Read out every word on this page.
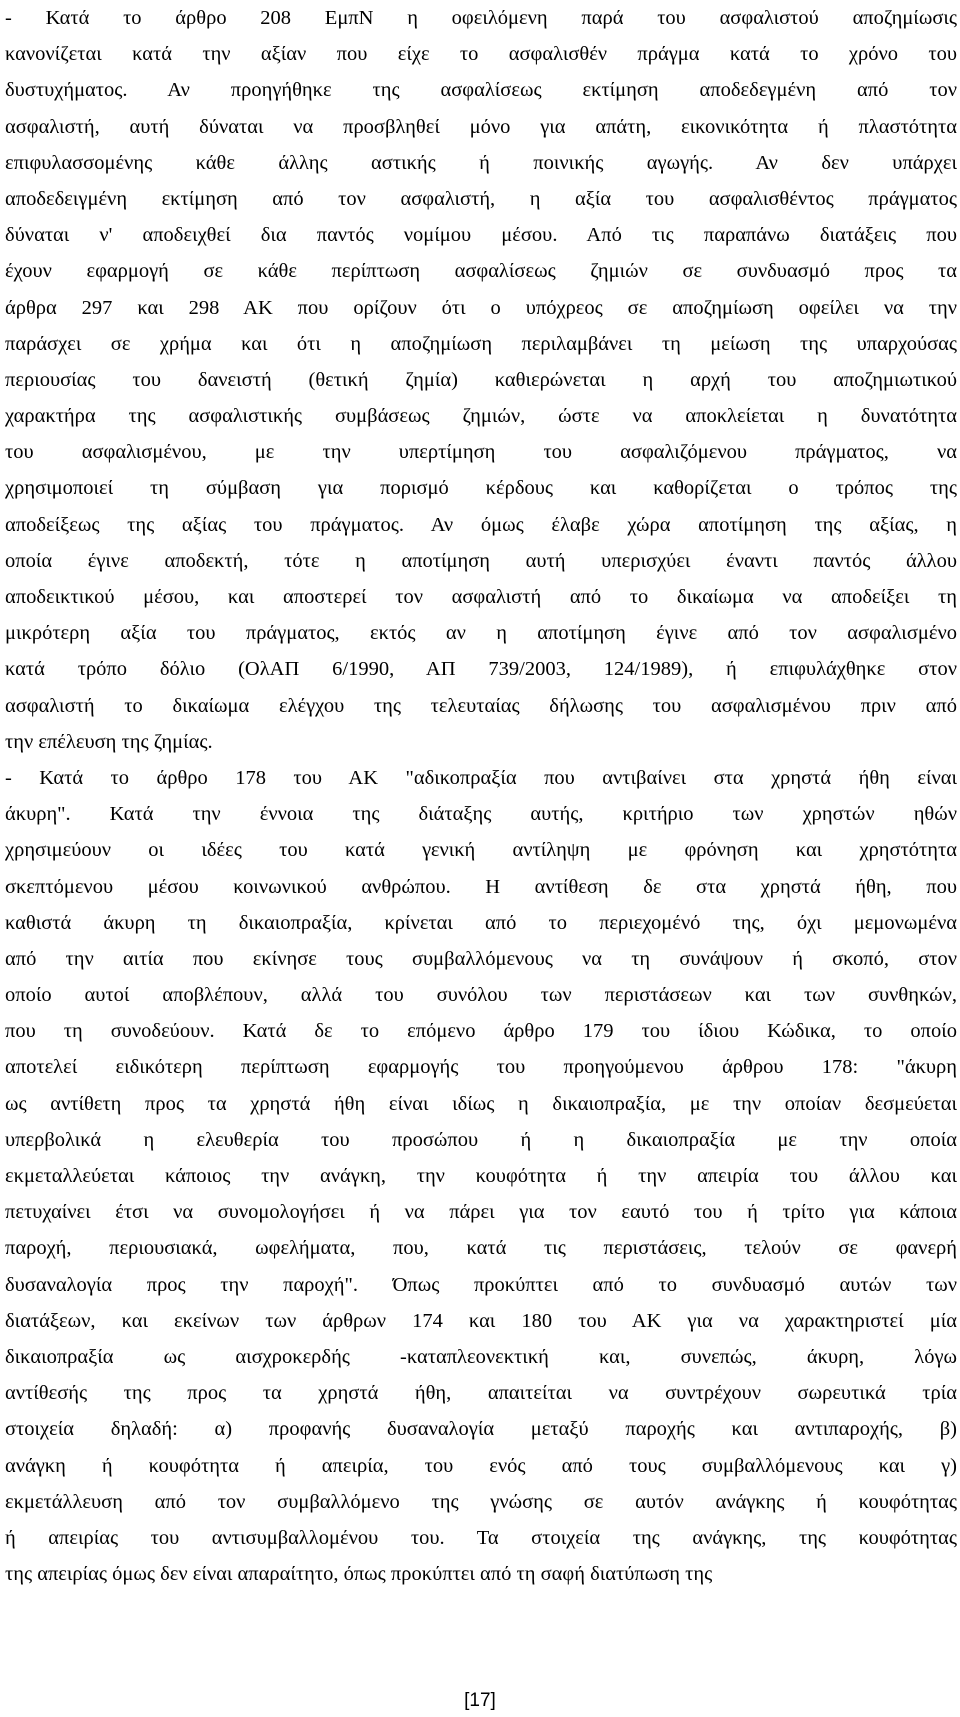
- Κατά το άρθρο 208 ΕμπΝ η οφειλόμενη παρά του ασφαλιστού αποζημίωσις
κανονίζεται κατά την αξίαν που είχε το ασφαλισθέν πράγμα κατά το χρόνο του
δυστυχήματος. Αν προηγήθηκε της ασφαλίσεως εκτίμηση αποδεδεγμένη από τον
ασφαλιστή, αυτή δύναται να προσβληθεί μόνο για απάτη, εικονικότητα ή πλαστότητα
επιφυλασσομένης κάθε άλλης αστικής ή ποινικής αγωγής. Αν δεν υπάρχει
αποδεδειγμένη εκτίμηση από τον ασφαλιστή, η αξία του ασφαλισθέντος πράγματος
δύναται ν' αποδειχθεί δια παντός νομίμου μέσου. Από τις παραπάνω διατάξεις που
έχουν εφαρμογή σε κάθε περίπτωση ασφαλίσεως ζημιών σε συνδυασμό προς τα
άρθρα 297 και 298 ΑΚ που ορίζουν ότι ο υπόχρεος σε αποζημίωση οφείλει να την
παράσχει σε χρήμα και ότι η αποζημίωση περιλαμβάνει τη μείωση της υπαρχούσας
περιουσίας του δανειστή (θετική ζημία) καθιερώνεται η αρχή του αποζημιωτικού
χαρακτήρα της ασφαλιστικής συμβάσεως ζημιών, ώστε να αποκλείεται η δυνατότητα
του ασφαλισμένου, με την υπερτίμηση του ασφαλιζόμενου πράγματος, να
χρησιμοποιεί τη σύμβαση για πορισμό κέρδους και καθορίζεται ο τρόπος της
αποδείξεως της αξίας του πράγματος. Αν όμως έλαβε χώρα αποτίμηση της αξίας, η
οποία έγινε αποδεκτή, τότε η αποτίμηση αυτή υπερισχύει έναντι παντός άλλου
αποδεικτικού μέσου, και αποστερεί τον ασφαλιστή από το δικαίωμα να αποδείξει τη
μικρότερη αξία του πράγματος, εκτός αν η αποτίμηση έγινε από τον ασφαλισμένο
κατά τρόπο δόλιο (ΟλΑΠ 6/1990, ΑΠ 739/2003, 124/1989), ή επιφυλάχθηκε στον
ασφαλιστή το δικαίωμα ελέγχου της τελευταίας δήλωσης του ασφαλισμένου πριν από
την επέλευση της ζημίας.
- Κατά το άρθρο 178 του ΑΚ "αδικοπραξία που αντιβαίνει στα χρηστά ήθη είναι
άκυρη". Κατά την έννοια της διάταξης αυτής, κριτήριο των χρηστών ηθών
χρησιμεύουν οι ιδέες του κατά γενική αντίληψη με φρόνηση και χρηστότητα
σκεπτόμενου μέσου κοινωνικού ανθρώπου. Η αντίθεση δε στα χρηστά ήθη, που
καθιστά άκυρη τη δικαιοπραξία, κρίνεται από το περιεχομένό της, όχι μεμονωμένα
από την αιτία που εκίνησε τους συμβαλλόμενους να τη συνάψουν ή σκοπό, στον
οποίο αυτοί αποβλέπουν, αλλά του συνόλου των περιστάσεων και των συνθηκών,
που τη συνοδεύουν. Κατά δε το επόμενο άρθρο 179 του ίδιου Κώδικα, το οποίο
αποτελεί ειδικότερη περίπτωση εφαρμογής του προηγούμενου άρθρου 178: "άκυρη
ως αντίθετη προς τα χρηστά ήθη είναι ιδίως η δικαιοπραξία, με την οποίαν δεσμεύεται
υπερβολικά η ελευθερία του προσώπου ή η δικαιοπραξία με την οποία
εκμεταλλεύεται κάποιος την ανάγκη, την κουφότητα ή την απειρία του άλλου και
πετυχαίνει έτσι να συνομολογήσει ή να πάρει για τον εαυτό του ή τρίτο για κάποια
παροχή, περιουσιακά, ωφελήματα, που, κατά τις περιστάσεις, τελούν σε φανερή
δυσαναλογία προς την παροχή". Όπως προκύπτει από το συνδυασμό αυτών των
διατάξεων, και εκείνων των άρθρων 174 και 180 του ΑΚ για να χαρακτηριστεί μία
δικαιοπραξία ως αισχροκερδής -καταπλεονεκτική και, συνεπώς, άκυρη, λόγω
αντίθεσής της προς τα χρηστά ήθη, απαιτείται να συντρέχουν σωρευτικά τρία
στοιχεία δηλαδή: α) προφανής δυσαναλογία μεταξύ παροχής και αντιπαροχής, β)
ανάγκη ή κουφότητα ή απειρία, του ενός από τους συμβαλλόμενους και γ)
εκμετάλλευση από τον συμβαλλόμενο της γνώσης σε αυτόν ανάγκης ή κουφότητας
ή απειρίας του αντισυμβαλλομένου του. Τα στοιχεία της ανάγκης, της κουφότητας
της απειρίας όμως δεν είναι απαραίτητο, όπως προκύπτει από τη σαφή διατύπωση της
[17]
